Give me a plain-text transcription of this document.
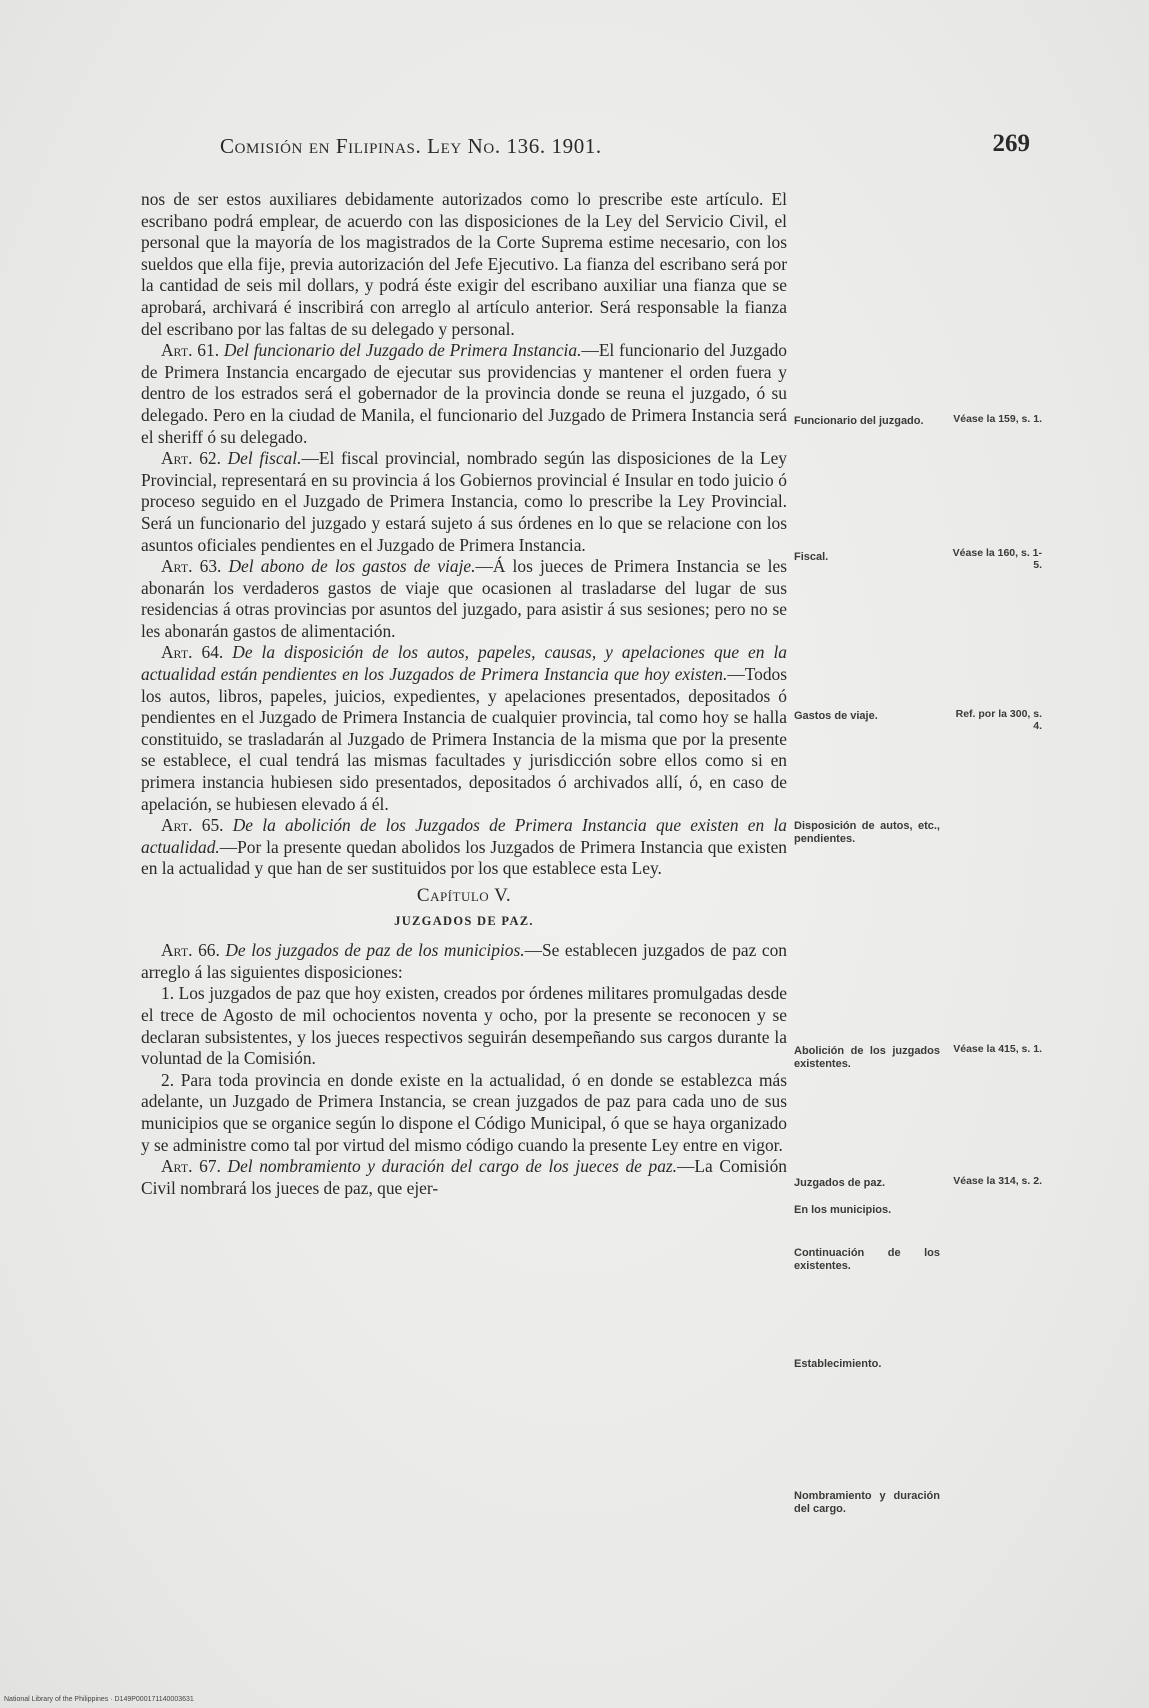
Comisión en Filipinas. Ley No. 136. 1901.	269

nos de ser estos auxiliares debidamente autorizados como lo prescribe este artículo. El escribano podrá emplear, de acuerdo con las disposiciones de la Ley del Servicio Civil, el personal que la mayoría de los magistrados de la Corte Suprema estime necesario, con los sueldos que ella fije, previa autorización del Jefe Ejecutivo. La fianza del escribano será por la cantidad de seis mil dollars, y podrá éste exigir del escribano auxiliar una fianza que se aprobará, archivará é inscribirá con arreglo al artículo anterior. Será responsable la fianza del escribano por las faltas de su delegado y personal.

Art. 61. Del funcionario del Juzgado de Primera Instancia.—El funcionario del Juzgado de Primera Instancia encargado de ejecutar sus providencias y mantener el orden fuera y dentro de los estrados será el gobernador de la provincia donde se reuna el juzgado, ó su delegado. Pero en la ciudad de Manila, el funcionario del Juzgado de Primera Instancia será el sheriff ó su delegado.

Art. 62. Del fiscal.—El fiscal provincial, nombrado según las disposiciones de la Ley Provincial, representará en su provincia á los Gobiernos provincial é Insular en todo juicio ó proceso seguido en el Juzgado de Primera Instancia, como lo prescribe la Ley Provincial. Será un funcionario del juzgado y estará sujeto á sus órdenes en lo que se relacione con los asuntos oficiales pendientes en el Juzgado de Primera Instancia.

Art. 63. Del abono de los gastos de viaje.—Á los jueces de Primera Instancia se les abonarán los verdaderos gastos de viaje que ocasionen al trasladarse del lugar de sus residencias á otras provincias por asuntos del juzgado, para asistir á sus sesiones; pero no se les abonarán gastos de alimentación.

Art. 64. De la disposición de los autos, papeles, causas, y apelaciones que en la actualidad están pendientes en los Juzgados de Primera Instancia que hoy existen.—Todos los autos, libros, papeles, juicios, expedientes, y apelaciones presentados, depositados ó pendientes en el Juzgado de Primera Instancia de cualquier provincia, tal como hoy se halla constituido, se trasladarán al Juzgado de Primera Instancia de la misma que por la presente se establece, el cual tendrá las mismas facultades y jurisdicción sobre ellos como si en primera instancia hubiesen sido presentados, depositados ó archivados allí, ó, en caso de apelación, se hubiesen elevado á él.

Art. 65. De la abolición de los Juzgados de Primera Instancia que existen en la actualidad.—Por la presente quedan abolidos los Juzgados de Primera Instancia que existen en la actualidad y que han de ser sustituidos por los que establece esta Ley.

Capítulo V.

JUZGADOS DE PAZ.

Art. 66. De los juzgados de paz de los municipios.—Se establecen juzgados de paz con arreglo á las siguientes disposiciones:

1. Los juzgados de paz que hoy existen, creados por órdenes militares promulgadas desde el trece de Agosto de mil ochocientos noventa y ocho, por la presente se reconocen y se declaran subsistentes, y los jueces respectivos seguirán desempeñando sus cargos durante la voluntad de la Comisión.

2. Para toda provincia en donde existe en la actualidad, ó en donde se establezca más adelante, un Juzgado de Primera Instancia, se crean juzgados de paz para cada uno de sus municipios que se organice según lo dispone el Código Municipal, ó que se haya organizado y se administre como tal por virtud del mismo código cuando la presente Ley entre en vigor.

Art. 67. Del nombramiento y duración del cargo de los jueces de paz.—La Comisión Civil nombrará los jueces de paz, que ejer-

Funcionario del juzgado.
Fiscal.
Gastos de viaje.
Disposición de autos, etc., pendientes.
Abolición de los juzgados existentes.
Juzgados de paz.
En los municipios.
Continuación de los existentes.
Establecimiento.
Nombramiento y duración del cargo.
Véase la 159, s. 1.
Véase la 160, s. 1-5.
Ref. por la 300, s. 4.
Véase la 415, s. 1.
Véase la 314, s. 2.
National Library of the Philippines · D149P000171140003631
